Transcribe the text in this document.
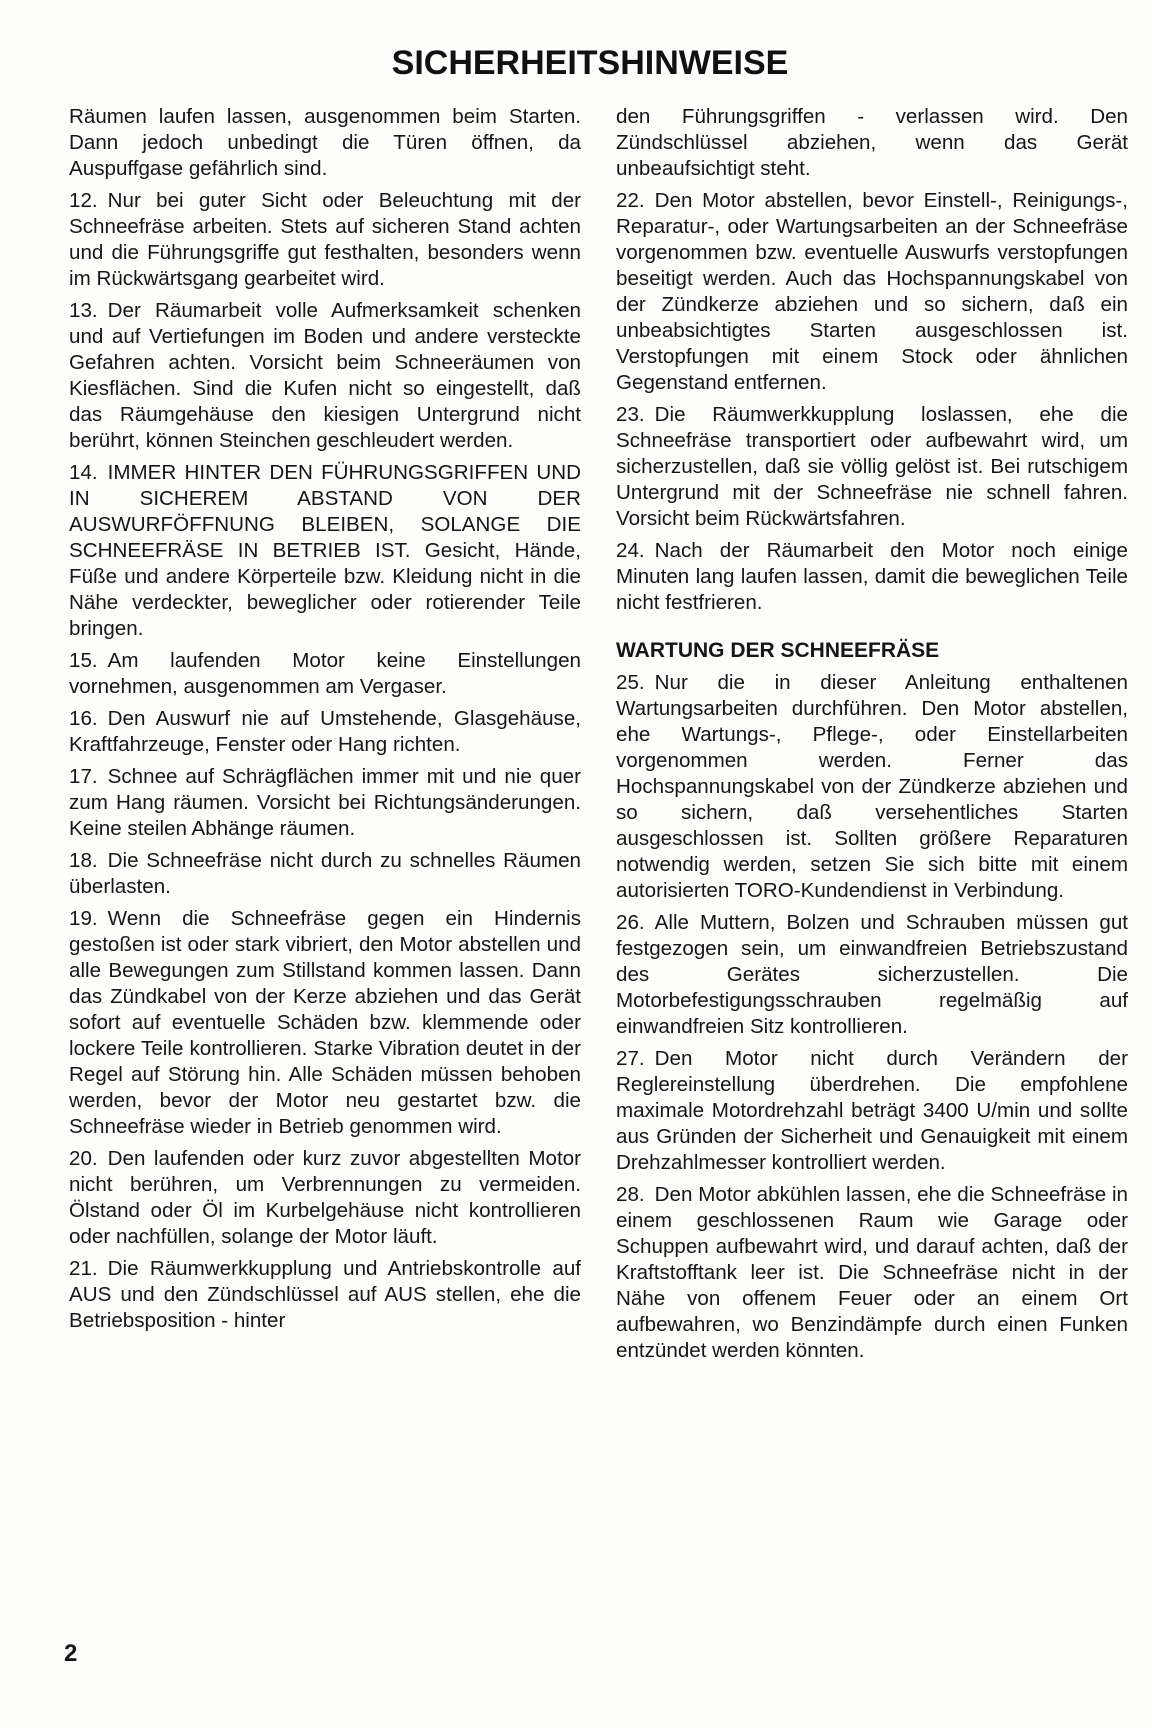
SICHERHEITSHINWEISE

Räumen laufen lassen, ausgenommen beim Starten. Dann jedoch unbedingt die Türen öffnen, da Auspuffgase gefährlich sind.

12. Nur bei guter Sicht oder Beleuchtung mit der Schneefräse arbeiten. Stets auf sicheren Stand achten und die Führungsgriffe gut festhalten, besonders wenn im Rückwärtsgang gearbeitet wird.

13. Der Räumarbeit volle Aufmerksamkeit schenken und auf Vertiefungen im Boden und andere versteckte Gefahren achten. Vorsicht beim Schneeräumen von Kiesflächen. Sind die Kufen nicht so eingestellt, daß das Räumgehäuse den kiesigen Untergrund nicht berührt, können Steinchen geschleudert werden.

14. IMMER HINTER DEN FÜHRUNGSGRIFFEN UND IN SICHEREM ABSTAND VON DER AUSWURFÖFFNUNG BLEIBEN, SOLANGE DIE SCHNEEFRÄSE IN BETRIEB IST. Gesicht, Hände, Füße und andere Körperteile bzw. Kleidung nicht in die Nähe verdeckter, beweglicher oder rotierender Teile bringen.

15. Am laufenden Motor keine Einstellungen vornehmen, ausgenommen am Vergaser.

16. Den Auswurf nie auf Umstehende, Glasgehäuse, Kraftfahrzeuge, Fenster oder Hang richten.

17. Schnee auf Schrägflächen immer mit und nie quer zum Hang räumen. Vorsicht bei Richtungsänderungen. Keine steilen Abhänge räumen.

18. Die Schneefräse nicht durch zu schnelles Räumen überlasten.

19. Wenn die Schneefräse gegen ein Hindernis gestoßen ist oder stark vibriert, den Motor abstellen und alle Bewegungen zum Stillstand kommen lassen. Dann das Zündkabel von der Kerze abziehen und das Gerät sofort auf eventuelle Schäden bzw. klemmende oder lockere Teile kontrollieren. Starke Vibration deutet in der Regel auf Störung hin. Alle Schäden müssen behoben werden, bevor der Motor neu gestartet bzw. die Schneefräse wieder in Betrieb genommen wird.

20. Den laufenden oder kurz zuvor abgestellten Motor nicht berühren, um Verbrennungen zu vermeiden. Ölstand oder Öl im Kurbelgehäuse nicht kontrollieren oder nachfüllen, solange der Motor läuft.

21. Die Räumwerkkupplung und Antriebskontrolle auf AUS und den Zündschlüssel auf AUS stellen, ehe die Betriebsposition - hinter

den Führungsgriffen - verlassen wird. Den Zündschlüssel abziehen, wenn das Gerät unbeaufsichtigt steht.

22. Den Motor abstellen, bevor Einstell-, Reinigungs-, Reparatur-, oder Wartungsarbeiten an der Schneefräse vorgenommen bzw. eventuelle Auswurfs verstopfungen beseitigt werden. Auch das Hochspannungskabel von der Zündkerze abziehen und so sichern, daß ein unbeabsichtigtes Starten ausgeschlossen ist. Verstopfungen mit einem Stock oder ähnlichen Gegenstand entfernen.

23. Die Räumwerkkupplung loslassen, ehe die Schneefräse transportiert oder aufbewahrt wird, um sicherzustellen, daß sie völlig gelöst ist. Bei rutschigem Untergrund mit der Schneefräse nie schnell fahren. Vorsicht beim Rückwärtsfahren.

24. Nach der Räumarbeit den Motor noch einige Minuten lang laufen lassen, damit die beweglichen Teile nicht festfrieren.

WARTUNG DER SCHNEEFRÄSE

25. Nur die in dieser Anleitung enthaltenen Wartungsarbeiten durchführen. Den Motor abstellen, ehe Wartungs-, Pflege-, oder Einstellarbeiten vorgenommen werden. Ferner das Hochspannungskabel von der Zündkerze abziehen und so sichern, daß versehentliches Starten ausgeschlossen ist. Sollten größere Reparaturen notwendig werden, setzen Sie sich bitte mit einem autorisierten TORO-Kundendienst in Verbindung.

26. Alle Muttern, Bolzen und Schrauben müssen gut festgezogen sein, um einwandfreien Betriebszustand des Gerätes sicherzustellen. Die Motorbefestigungsschrauben regelmäßig auf einwandfreien Sitz kontrollieren.

27. Den Motor nicht durch Verändern der Reglereinstellung überdrehen. Die empfohlene maximale Motordrehzahl beträgt 3400 U/min und sollte aus Gründen der Sicherheit und Genauigkeit mit einem Drehzahlmesser kontrolliert werden.

28. Den Motor abkühlen lassen, ehe die Schneefräse in einem geschlossenen Raum wie Garage oder Schuppen aufbewahrt wird, und darauf achten, daß der Kraftstofftank leer ist. Die Schneefräse nicht in der Nähe von offenem Feuer oder an einem Ort aufbewahren, wo Benzindämpfe durch einen Funken entzündet werden könnten.

2
